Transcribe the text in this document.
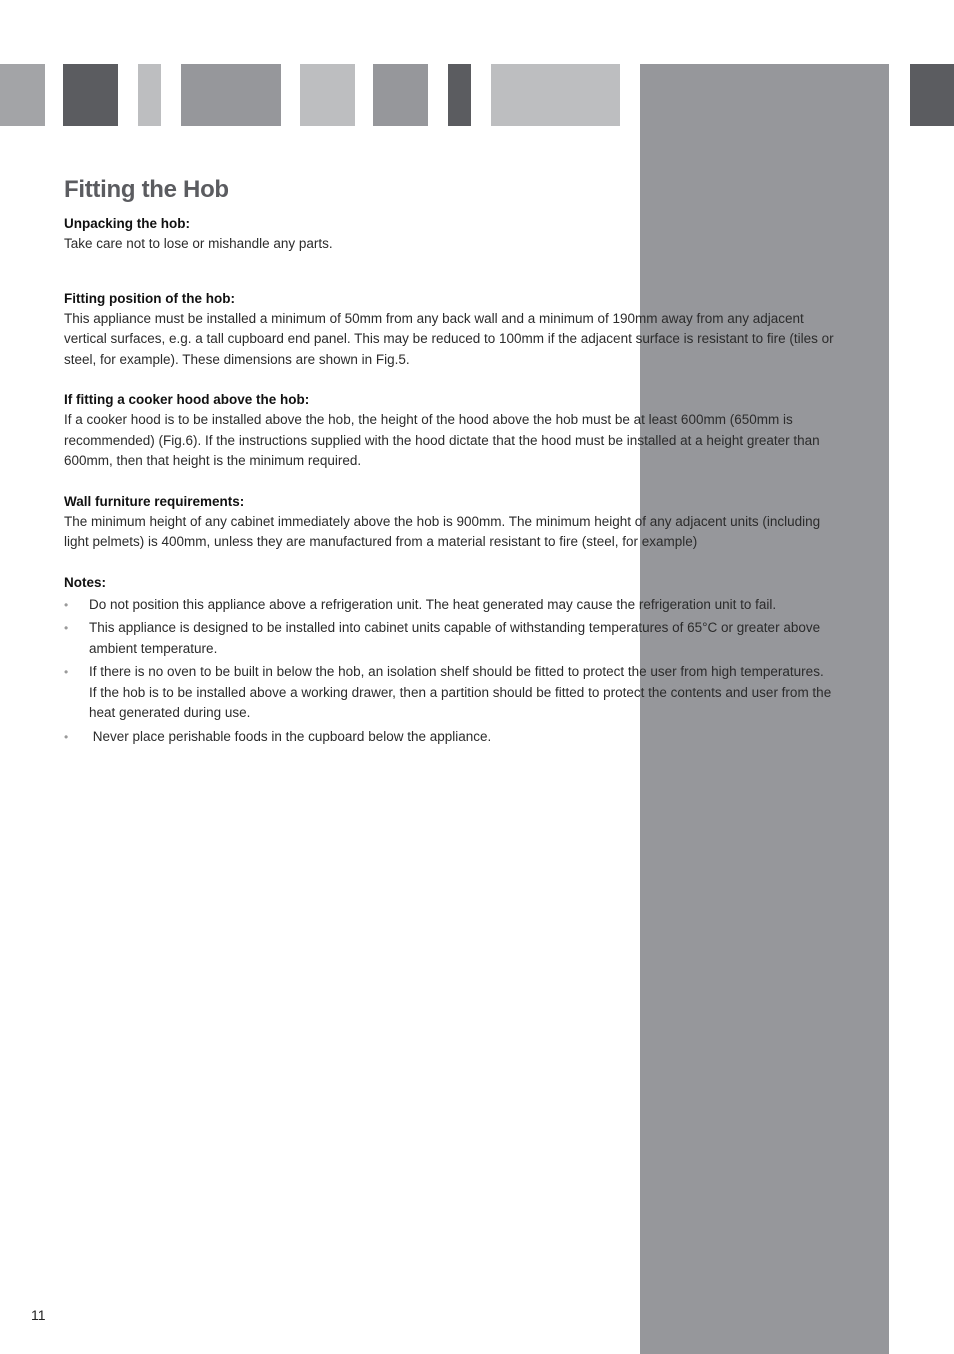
Fitting the Hob

Unpacking the hob:

Take care not to lose or mishandle any parts.

Fitting position of the hob:

This appliance must be installed a minimum of 50mm from any back wall and a minimum of 190mm away from any adjacent vertical surfaces, e.g. a tall cupboard end panel. This may be reduced to 100mm if the adjacent surface is resistant to fire (tiles or steel, for example). These dimensions are shown in Fig.5.

If fitting a cooker hood above the hob:

If a cooker hood is to be installed above the hob, the height of the hood above the hob must be at least 600mm (650mm is recommended) (Fig.6). If the instructions supplied with the hood dictate that the hood must be installed at a height greater than 600mm, then that height is the minimum required.

Wall furniture requirements:

The minimum height of any cabinet immediately above the hob is 900mm. The minimum height of any adjacent units (including light pelmets) is 400mm, unless they are manufactured from a material resistant to fire (steel, for example)

Notes:

• Do not position this appliance above a refrigeration unit. The heat generated may cause the refrigeration unit to fail.
• This appliance is designed to be installed into cabinet units capable of withstanding temperatures of 65°C or greater above ambient temperature.
• If there is no oven to be built in below the hob, an isolation shelf should be fitted to protect the user from high temperatures. If the hob is to be installed above a working drawer, then a partition should be fitted to protect the contents and user from the heat generated during use.
• Never place perishable foods in the cupboard below the appliance.
11
